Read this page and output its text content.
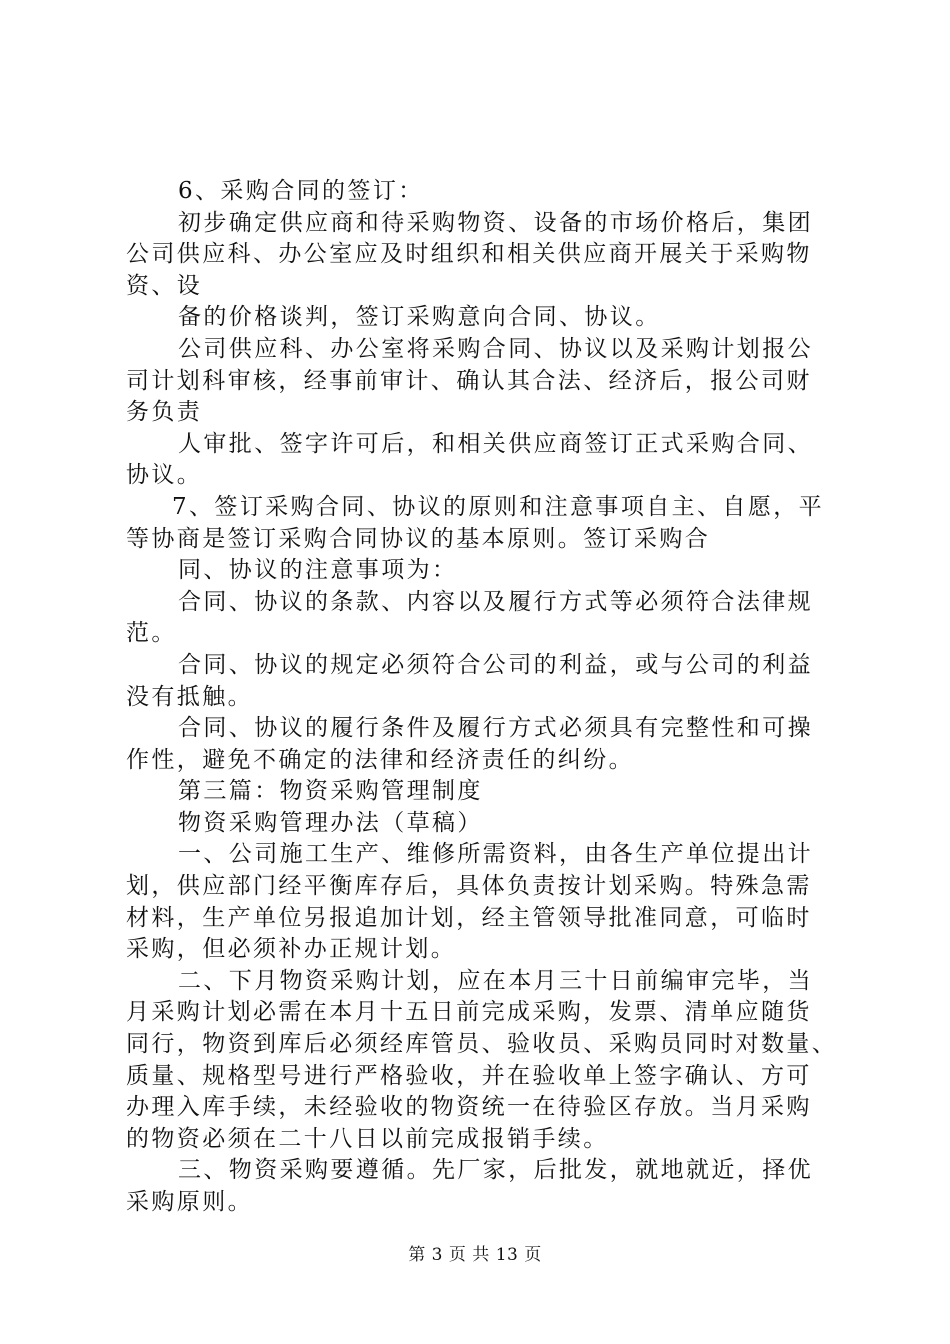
6、采购合同的签订：
初步确定供应商和待采购物资、设备的市场价格后，集团
公司供应科、办公室应及时组织和相关供应商开展关于采购物
资、设
备的价格谈判，签订采购意向合同、协议。
公司供应科、办公室将采购合同、协议以及采购计划报公
司计划科审核，经事前审计、确认其合法、经济后，报公司财
务负责
人审批、签字许可后，和相关供应商签订正式采购合同、
协议。
7、签订采购合同、协议的原则和注意事项自主、自愿，平
等协商是签订采购合同协议的基本原则。签订采购合
同、协议的注意事项为：
合同、协议的条款、内容以及履行方式等必须符合法律规
范。
合同、协议的规定必须符合公司的利益，或与公司的利益
没有抵触。
合同、协议的履行条件及履行方式必须具有完整性和可操
作性，避免不确定的法律和经济责任的纠纷。
第三篇：物资采购管理制度
物资采购管理办法（草稿）
一、公司施工生产、维修所需资料，由各生产单位提出计
划，供应部门经平衡库存后，具体负责按计划采购。特殊急需
材料，生产单位另报追加计划，经主管领导批准同意，可临时
采购，但必须补办正规计划。
二、下月物资采购计划，应在本月三十日前编审完毕，当
月采购计划必需在本月十五日前完成采购，发票、清单应随货
同行，物资到库后必须经库管员、验收员、采购员同时对数量、
质量、规格型号进行严格验收，并在验收单上签字确认、方可
办理入库手续，未经验收的物资统一在待验区存放。当月采购
的物资必须在二十八日以前完成报销手续。
三、物资采购要遵循。先厂家，后批发，就地就近，择优
采购原则。
第 3 页 共 13 页
